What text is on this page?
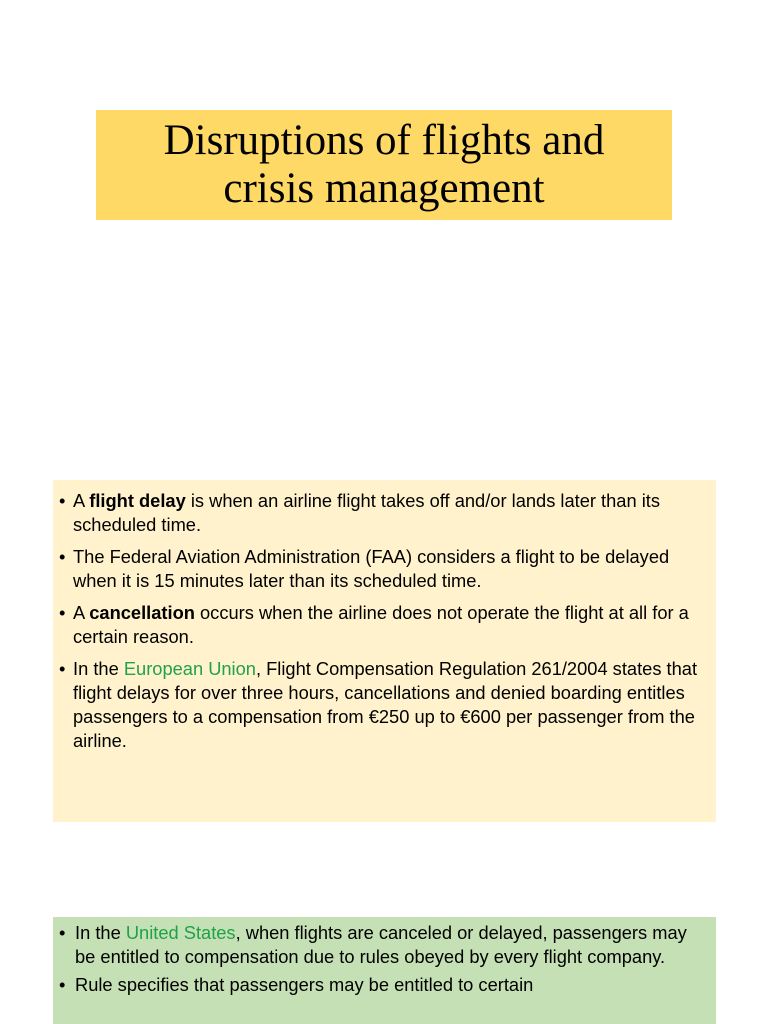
Disruptions of flights and
crisis management
• A flight delay is when an airline flight takes off and/or lands later than its scheduled time.
• The Federal Aviation Administration (FAA) considers a flight to be delayed when it is 15 minutes later than its scheduled time.
• A cancellation occurs when the airline does not operate the flight at all for a certain reason.
• In the European Union, Flight Compensation Regulation 261/2004 states that flight delays for over three hours, cancellations and denied boarding entitles passengers to a compensation from €250 up to €600 per passenger from the airline.
• In the United States, when flights are canceled or delayed, passengers may be entitled to compensation due to rules obeyed by every flight company.
• Rule specifies that passengers may be entitled to certain
